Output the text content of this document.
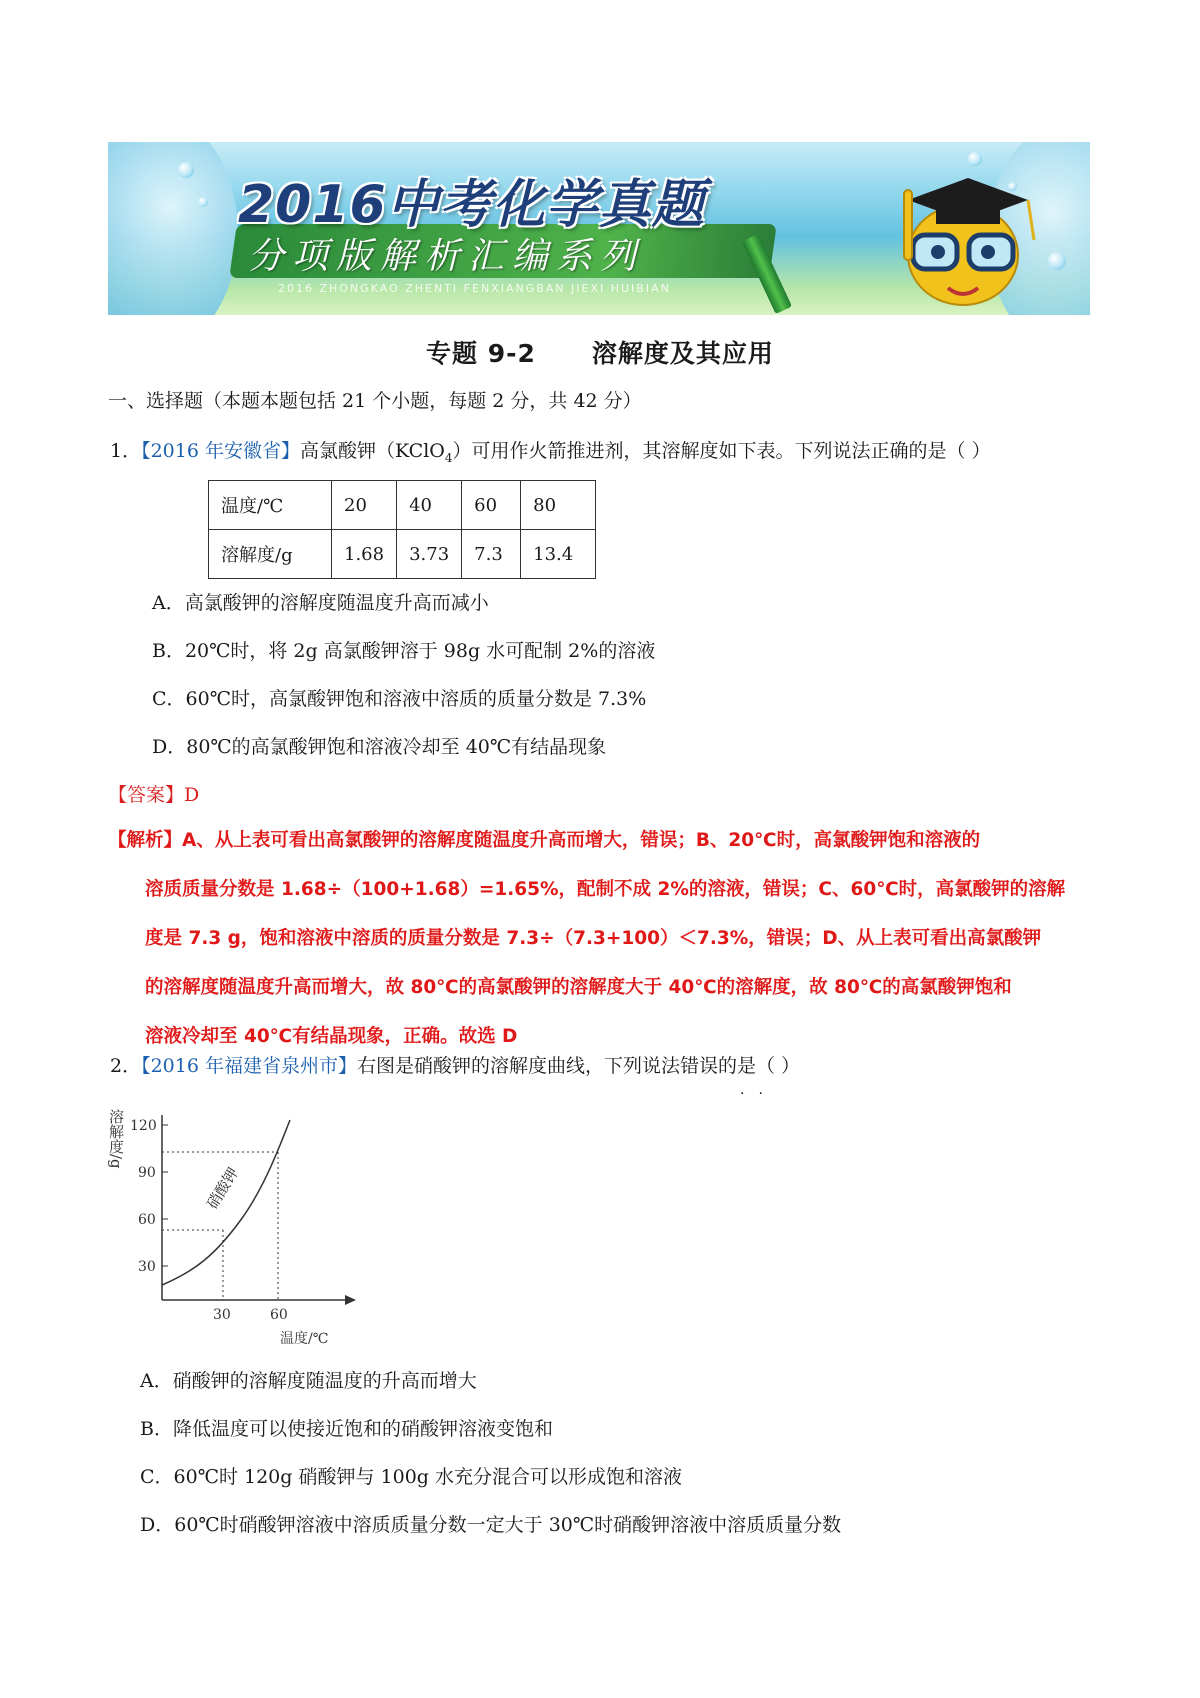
2016中考化学真题
分项版解析汇编系列
2016 ZHONGKAO ZHENTI FENXIANGBAN JIEXI HUIBIAN
专题 9-2 溶解度及其应用
一、选择题（本题本题包括 21 个小题，每题 2 分，共 42 分）
1．【2016 年安徽省】高氯酸钾（KClO$_4$）可用作火箭推进剂，其溶解度如下表。下列说法正确的是（ ）
温度/℃	20	40	60	80
溶解度/g	1.68	3.73	7.3	13.4
A．高氯酸钾的溶解度随温度升高而减小
B．20℃时，将 2g 高氯酸钾溶于 98g 水可配制 2%的溶液
C．60℃时，高氯酸钾饱和溶液中溶质的质量分数是 7.3%
D．80℃的高氯酸钾饱和溶液冷却至 40℃有结晶现象
【答案】D
【解析】A、从上表可看出高氯酸钾的溶解度随温度升高而增大，错误；B、20℃时，高氯酸钾饱和溶液的
溶质质量分数是 1.68÷（100+1.68）=1.65%，配制不成 2%的溶液，错误；C、60℃时，高氯酸钾的溶解
度是 7.3 g，饱和溶液中溶质的质量分数是 7.3÷（7.3+100）＜7.3%，错误；D、从上表可看出高氯酸钾
的溶解度随温度升高而增大，故 80℃的高氯酸钾的溶解度大于 40℃的溶解度，故 80℃的高氯酸钾饱和
溶液冷却至 40℃有结晶现象，正确。故选 D
2．【2016 年福建省泉州市】右图是硝酸钾的溶解度曲线，下列说法错误的是（ ）
..
溶解度/g 120
90
60
30
30	60
温度/℃
硝酸钾
A．硝酸钾的溶解度随温度的升高而增大
B．降低温度可以使接近饱和的硝酸钾溶液变饱和
C．60℃时 120g 硝酸钾与 100g 水充分混合可以形成饱和溶液
D．60℃时硝酸钾溶液中溶质质量分数一定大于 30℃时硝酸钾溶液中溶质质量分数
